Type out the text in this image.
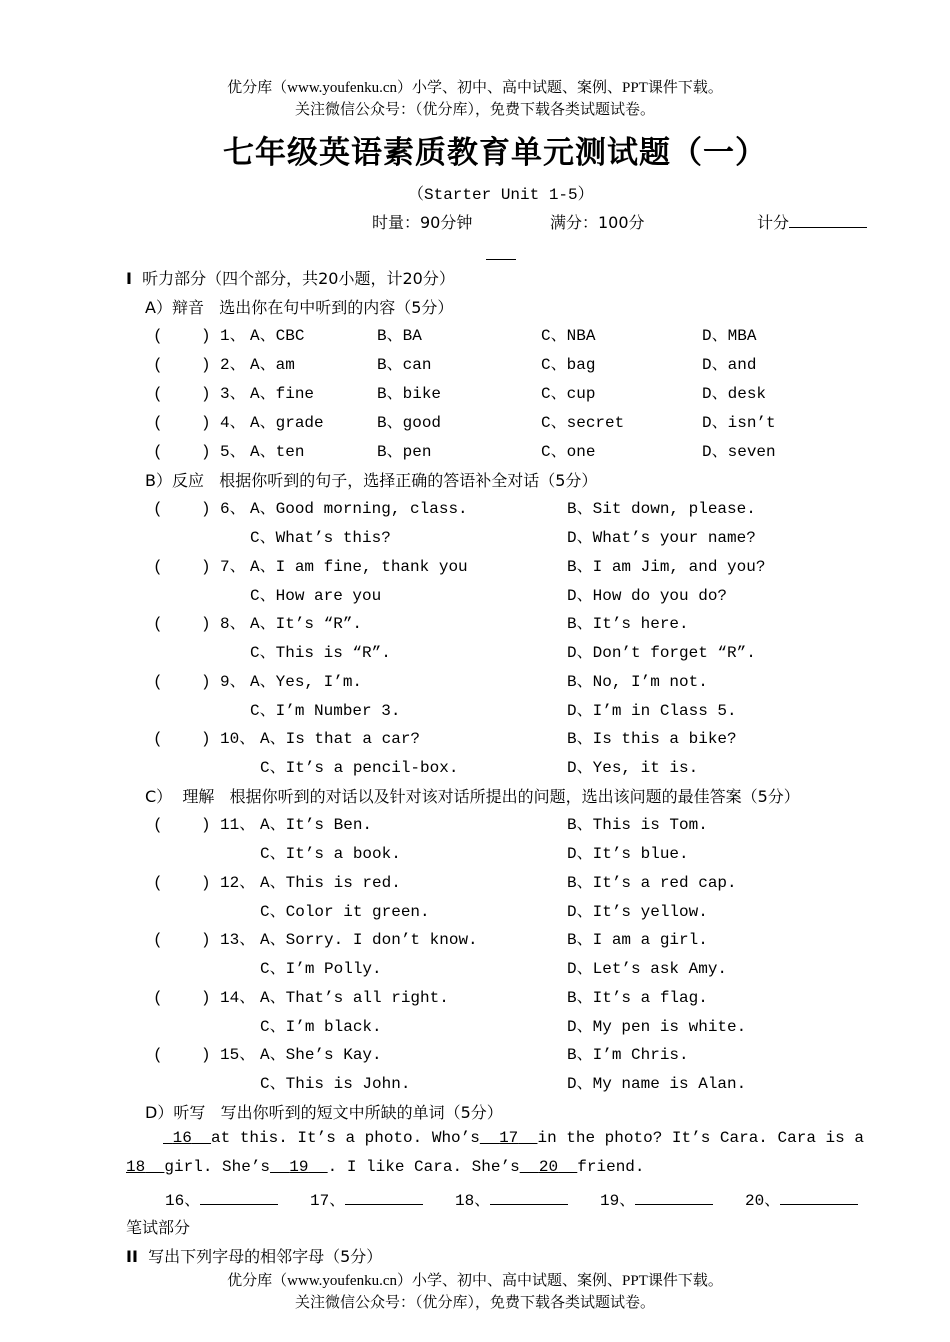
优分库（www.youfenku.cn）小学、初中、高中试题、案例、PPT课件下载。
关注微信公众号：（优分库），免费下载各类试题试卷。
七年级英语素质教育单元测试题（一）
（Starter Unit 1-5）
时量：90分钟	满分：100分	计分
I 听力部分（四个部分，共20小题，计20分）
A）辩音   选出你在句中听到的内容（5分）
(    ) 1、 A、CBC	B、BA	C、NBA	D、MBA
(    ) 2、 A、am	B、can	C、bag	D、and
(    ) 3、 A、fine	B、bike	C、cup	D、desk
(    ) 4、 A、grade	B、good	C、secret	D、isn’t
(    ) 5、 A、ten	B、pen	C、one	D、seven
B）反应   根据你听到的句子，选择正确的答语补全对话（5分）
(    ) 6、 A、Good morning, class.	B、Sit down, please.
C、What’s this?	D、What’s your name?
(    ) 7、 A、I am fine, thank you	B、I am Jim, and you?
C、How are you	D、How do you do?
(    ) 8、 A、It’s “R”.	B、It’s here.
C、This is “R”.	D、Don’t forget “R”.
(    ) 9、 A、Yes, I’m.	B、No, I’m not.
C、I’m Number 3.	D、I’m in Class 5.
(    ) 10、 A、Is that a car?	B、Is this a bike?
C、It’s a pencil-box.	D、Yes, it is.
C）  理解   根据你听到的对话以及针对该对话所提出的问题，选出该问题的最佳答案（5分）
(    ) 11、 A、It’s Ben.	B、This is Tom.
C、It’s a book.	D、It’s blue.
(    ) 12、 A、This is red.	B、It’s a red cap.
C、Color it green.	D、It’s yellow.
(    ) 13、 A、Sorry. I don’t know.	B、I am a girl.
C、I’m Polly.	D、Let’s ask Amy.
(    ) 14、 A、That’s all right.	B、It’s a flag.
C、I’m black.	D、My pen is white.
(    ) 15、 A、She’s Kay.	B、I’m Chris.
C、This is John.	D、My name is Alan.
D）听写   写出你听到的短文中所缺的单词（5分）
16 at this. It’s a photo. Who’s 17 in the photo? It’s Cara. Cara is a
18 girl. She’s 19 . I like Cara. She’s 20 friend.
16、	17、	18、	19、	20、
笔试部分
II 写出下列字母的相邻字母（5分）
优分库（www.youfenku.cn）小学、初中、高中试题、案例、PPT课件下载。
关注微信公众号：（优分库），免费下载各类试题试卷。
